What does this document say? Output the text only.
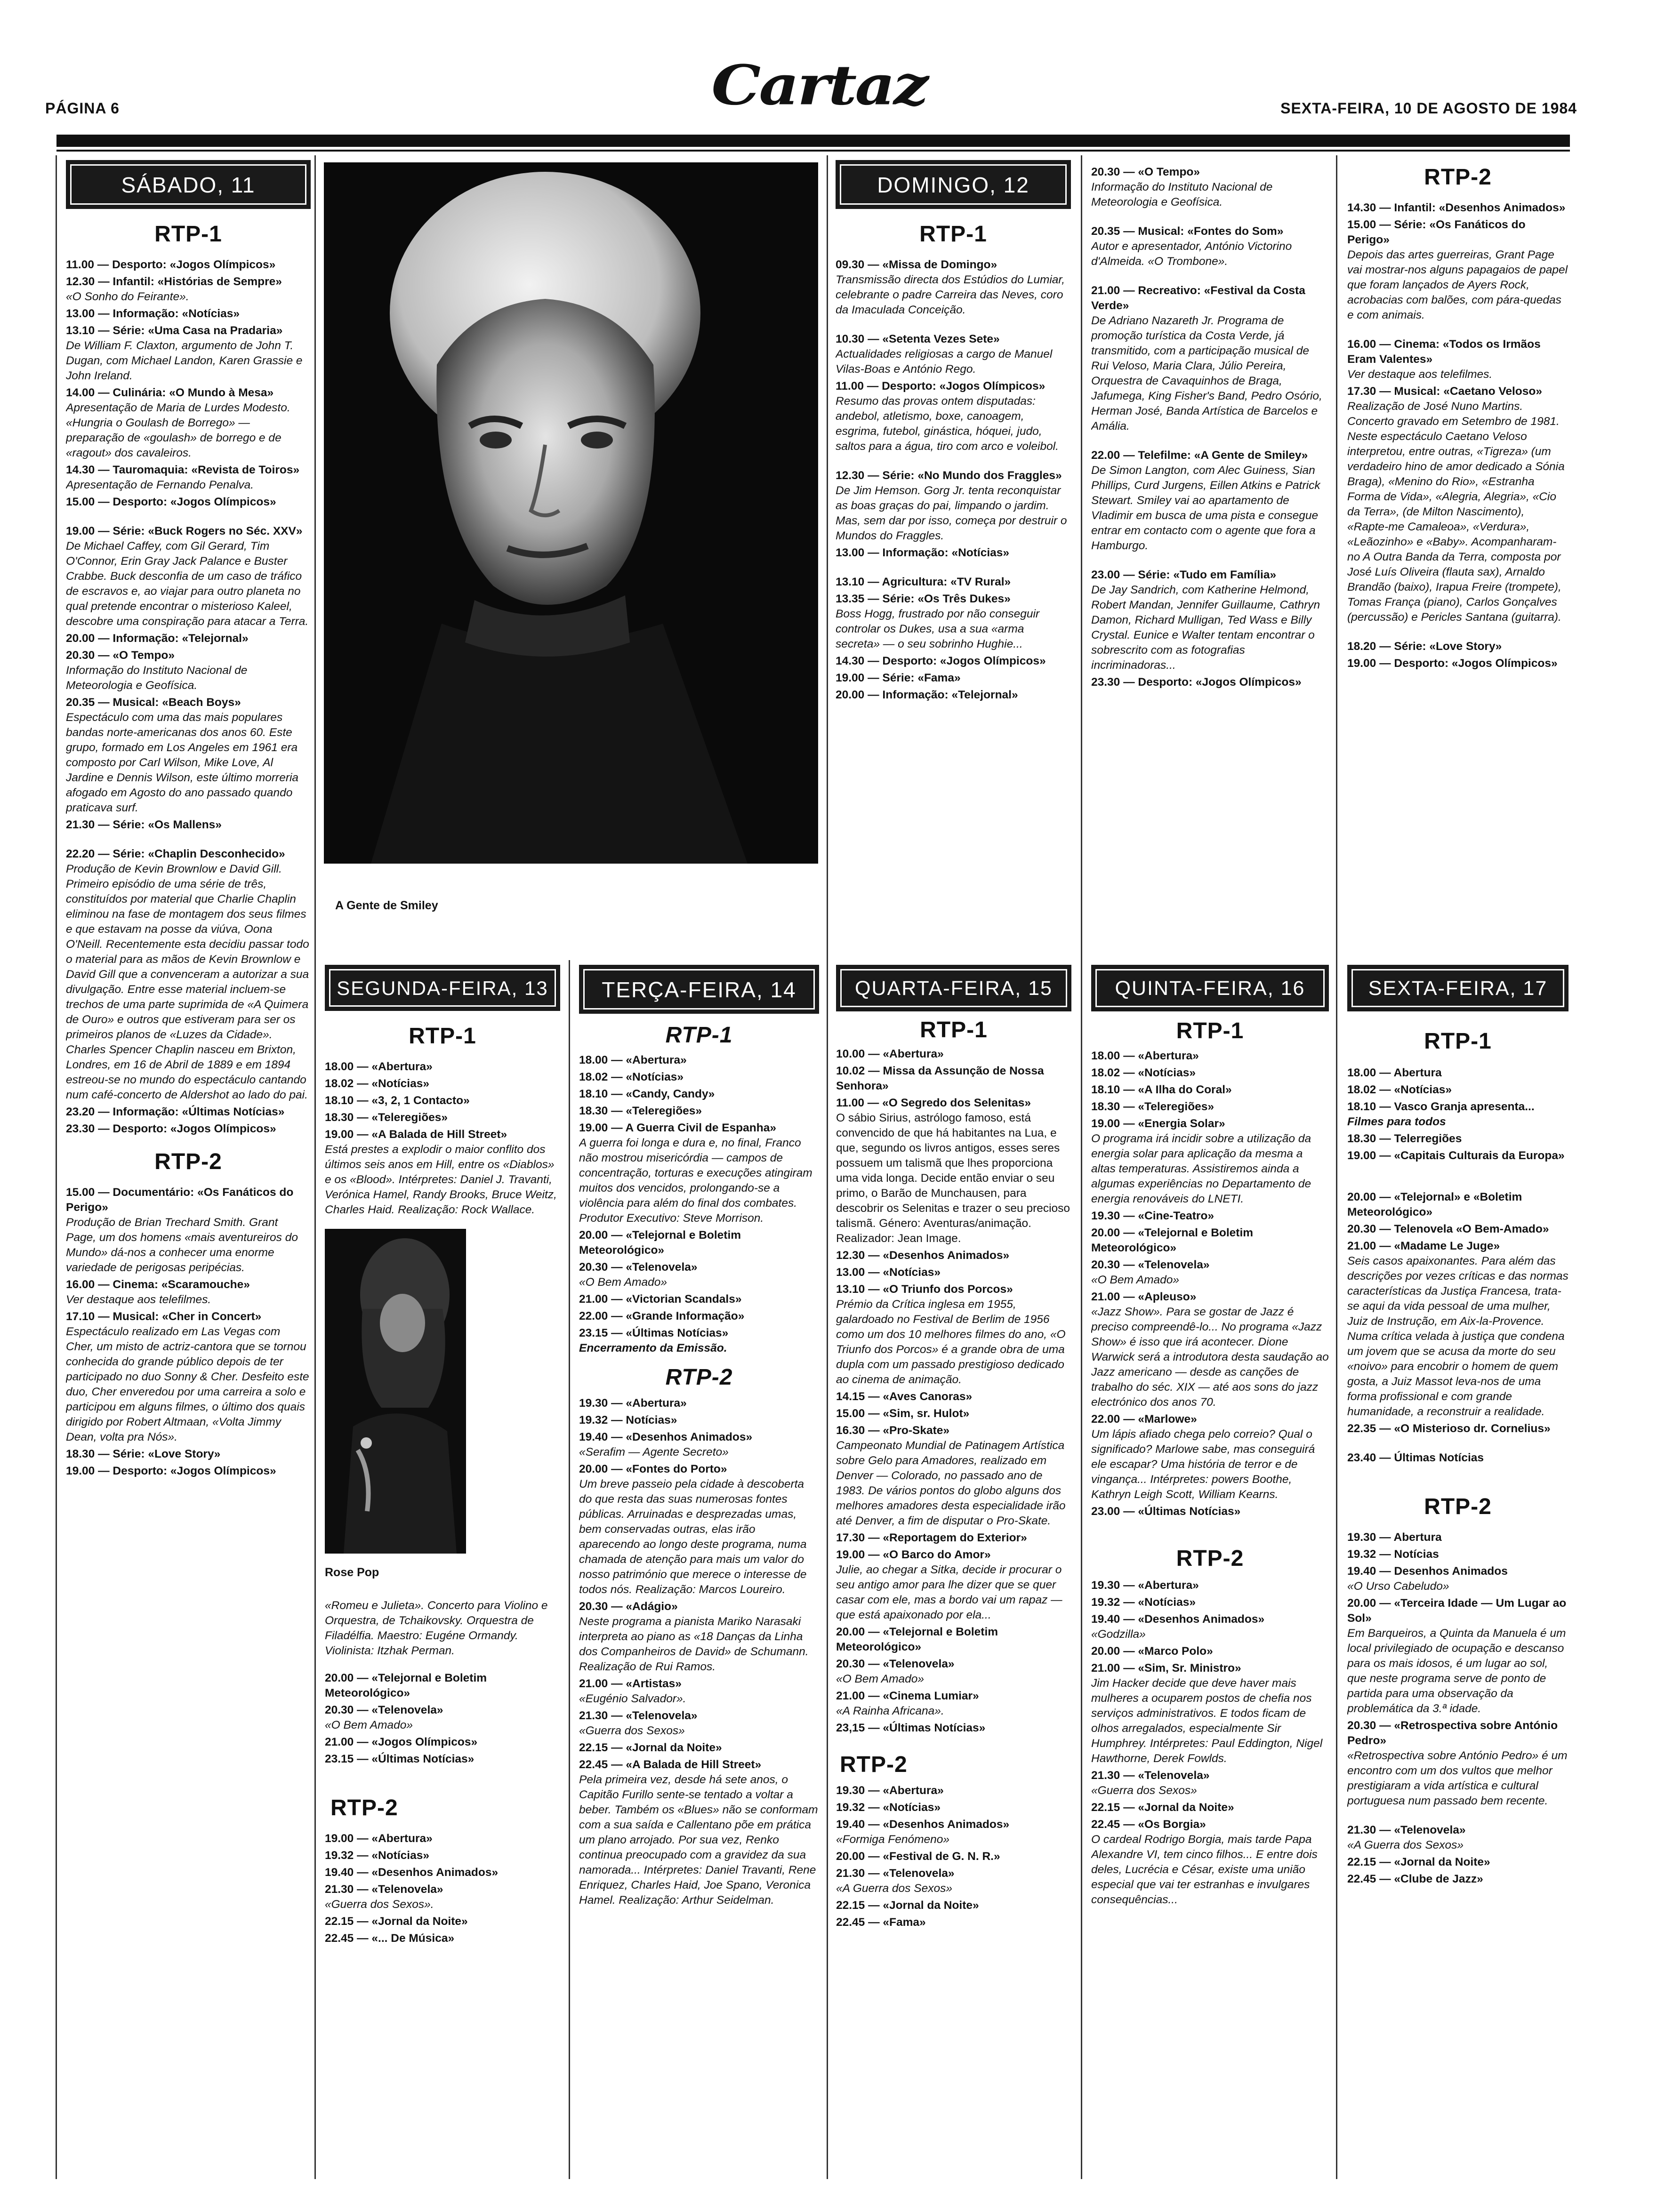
PÁGINA 6	Cartaz	SEXTA-FEIRA, 10 DE AGOSTO DE 1984
SÁBADO, 11
RTP-1
11.00 — Desporto: «Jogos Olímpicos»
12.30 — Infantil: «Histórias de Sempre»
«O Sonho do Feirante».
13.00 — Informação: «Notícias»
13.10 — Série: «Uma Casa na Pradaria»
De William F. Claxton, argumento de John T. Dugan, com Michael Landon, Karen Grassie e John Ireland.
14.00 — Culinária: «O Mundo à Mesa»
Apresentação de Maria de Lurdes Modesto. «Hungria o Goulash de Borrego» — preparação de «goulash» de borrego e de «ragout» dos cavaleiros.
14.30 — Tauromaquia: «Revista de Toiros»
Apresentação de Fernando Penalva.
15.00 — Desporto: «Jogos Olímpicos»
19.00 — Série: «Buck Rogers no Séc. XXV»
De Michael Caffey, com Gil Gerard, Tim O'Connor, Erin Gray Jack Palance e Buster Crabbe. Buck desconfia de um caso de tráfico de escravos e, ao viajar para outro planeta no qual pretende encontrar o misterioso Kaleel, descobre uma conspiração para atacar a Terra.
20.00 — Informação: «Telejornal»
20.30 — «O Tempo»
Informação do Instituto Nacional de Meteorologia e Geofísica.
20.35 — Musical: «Beach Boys»
Espectáculo com uma das mais populares bandas norte-americanas dos anos 60. Este grupo, formado em Los Angeles em 1961 era composto por Carl Wilson, Mike Love, Al Jardine e Dennis Wilson, este último morreria afogado em Agosto do ano passado quando praticava surf.
21.30 — Série: «Os Mallens»
22.20 — Série: «Chaplin Desconhecido»
Produção de Kevin Brownlow e David Gill. Primeiro episódio de uma série de três, constituídos por material que Charlie Chaplin eliminou na fase de montagem dos seus filmes e que estavam na posse da viúva, Oona O'Neill. Recentemente esta decidiu passar todo o material para as mãos de Kevin Brownlow e David Gill que a convenceram a autorizar a sua divulgação. Entre esse material incluem-se trechos de uma parte suprimida de «A Quimera de Ouro» e outros que estiveram para ser os primeiros planos de «Luzes da Cidade». Charles Spencer Chaplin nasceu em Brixton, Londres, em 16 de Abril de 1889 e em 1894 estreou-se no mundo do espectáculo cantando num café-concerto de Aldershot ao lado do pai.
23.20 — Informação: «Últimas Notícias»
23.30 — Desporto: «Jogos Olímpicos»
RTP-2
15.00 — Documentário: «Os Fanáticos do Perigo»
Produção de Brian Trechard Smith. Grant Page, um dos homens «mais aventureiros do Mundo» dá-nos a conhecer uma enorme variedade de perigosas peripécias.
16.00 — Cinema: «Scaramouche»
Ver destaque aos telefilmes.
17.10 — Musical: «Cher in Concert»
Espectáculo realizado em Las Vegas com Cher, um misto de actriz-cantora que se tornou conhecida do grande público depois de ter participado no duo Sonny & Cher. Desfeito este duo, Cher enveredou por uma carreira a solo e participou em alguns filmes, o último dos quais dirigido por Robert Altmaan, «Volta Jimmy Dean, volta pra Nós».
18.30 — Série: «Love Story»
19.00 — Desporto: «Jogos Olímpicos»
A Gente de Smiley
DOMINGO, 12
RTP-1
09.30 — «Missa de Domingo»
Transmissão directa dos Estúdios do Lumiar, celebrante o padre Carreira das Neves, coro da Imaculada Conceição.
10.30 — «Setenta Vezes Sete»
Actualidades religiosas a cargo de Manuel Vilas-Boas e António Rego.
11.00 — Desporto: «Jogos Olímpicos»
Resumo das provas ontem disputadas: andebol, atletismo, boxe, canoagem, esgrima, futebol, ginástica, hóquei, judo, saltos para a água, tiro com arco e voleibol.
12.30 — Série: «No Mundo dos Fraggles»
De Jim Hemson. Gorg Jr. tenta reconquistar as boas graças do pai, limpando o jardim. Mas, sem dar por isso, começa por destruir o Mundos do Fraggles.
13.00 — Informação: «Notícias»
13.10 — Agricultura: «TV Rural»
13.35 — Série: «Os Três Dukes»
Boss Hogg, frustrado por não conseguir controlar os Dukes, usa a sua «arma secreta» — o seu sobrinho Hughie...
14.30 — Desporto: «Jogos Olímpicos»
19.00 — Série: «Fama»
20.00 — Informação: «Telejornal»
20.30 — «O Tempo»
Informação do Instituto Nacional de Meteorologia e Geofísica.
20.35 — Musical: «Fontes do Som»
Autor e apresentador, António Victorino d'Almeida. «O Trombone».
21.00 — Recreativo: «Festival da Costa Verde»
De Adriano Nazareth Jr. Programa de promoção turística da Costa Verde, já transmitido, com a participação musical de Rui Veloso, Maria Clara, Júlio Pereira, Orquestra de Cavaquinhos de Braga, Jafumega, King Fisher's Band, Pedro Osório, Herman José, Banda Artística de Barcelos e Amália.
22.00 — Telefilme: «A Gente de Smiley»
De Simon Langton, com Alec Guiness, Sian Phillips, Curd Jurgens, Eillen Atkins e Patrick Stewart. Smiley vai ao apartamento de Vladimir em busca de uma pista e consegue entrar em contacto com o agente que fora a Hamburgo.
23.00 — Série: «Tudo em Família»
De Jay Sandrich, com Katherine Helmond, Robert Mandan, Jennifer Guillaume, Cathryn Damon, Richard Mulligan, Ted Wass e Billy Crystal. Eunice e Walter tentam encontrar o sobrescrito com as fotografias incriminadoras...
23.30 — Desporto: «Jogos Olímpicos»
RTP-2
14.30 — Infantil: «Desenhos Animados»
15.00 — Série: «Os Fanáticos do Perigo»
Depois das artes guerreiras, Grant Page vai mostrar-nos alguns papagaios de papel que foram lançados de Ayers Rock, acrobacias com balões, com pára-quedas e com animais.
16.00 — Cinema: «Todos os Irmãos Eram Valentes»
Ver destaque aos telefilmes.
17.30 — Musical: «Caetano Veloso»
Realização de José Nuno Martins. Concerto gravado em Setembro de 1981. Neste espectáculo Caetano Veloso interpretou, entre outras, «Tigreza» (um verdadeiro hino de amor dedicado a Sónia Braga), «Menino do Rio», «Estranha Forma de Vida», «Alegria, Alegria», «Cio da Terra», (de Milton Nascimento), «Rapte-me Camaleoa», «Verdura», «Leãozinho» e «Baby». Acompanharam-no A Outra Banda da Terra, composta por José Luís Oliveira (flauta sax), Arnaldo Brandão (baixo), Irapua Freire (trompete), Tomas França (piano), Carlos Gonçalves (percussão) e Pericles Santana (guitarra).
18.20 — Série: «Love Story»
19.00 — Desporto: «Jogos Olímpicos»
SEGUNDA-FEIRA, 13
RTP-1
18.00 — «Abertura»
18.02 — «Notícias»
18.10 — «3, 2, 1 Contacto»
18.30 — «Teleregiões»
19.00 — «A Balada de Hill Street»
Está prestes a explodir o maior conflito dos últimos seis anos em Hill, entre os «Diablos» e os «Blood». Intérpretes: Daniel J. Travanti, Verónica Hamel, Randy Brooks, Bruce Weitz, Charles Haid. Realização: Rock Wallace.
Rose Pop
«Romeu e Julieta». Concerto para Violino e Orquestra, de Tchaikovsky. Orquestra de Filadélfia. Maestro: Eugéne Ormandy. Violinista: Itzhak Perman.
20.00 — «Telejornal e Boletim Meteorológico»
20.30 — «Telenovela»
«O Bem Amado»
21.00 — «Jogos Olímpicos»
23.15 — «Últimas Notícias»
RTP-2
19.00 — «Abertura»
19.32 — «Notícias»
19.40 — «Desenhos Animados»
21.30 — «Telenovela»
«Guerra dos Sexos».
22.15 — «Jornal da Noite»
22.45 — «... De Música»
TERÇA-FEIRA, 14
RTP-1
18.00 — «Abertura»
18.02 — «Notícias»
18.10 — «Candy, Candy»
18.30 — «Teleregiões»
19.00 — A Guerra Civil de Espanha»
A guerra foi longa e dura e, no final, Franco não mostrou misericórdia — campos de concentração, torturas e execuções atingiram muitos dos vencidos, prolongando-se a violência para além do final dos combates. Produtor Executivo: Steve Morrison.
20.00 — «Telejornal e Boletim Meteorológico»
20.30 — «Telenovela»
«O Bem Amado»
21.00 — «Victorian Scandals»
22.00 — «Grande Informação»
23.15 — «Últimas Notícias»
Encerramento da Emissão.
RTP-2
19.30 — «Abertura»
19.32 — Notícias»
19.40 — «Desenhos Animados»
«Serafim — Agente Secreto»
20.00 — «Fontes do Porto»
Um breve passeio pela cidade à descoberta do que resta das suas numerosas fontes públicas. Arruinadas e desprezadas umas, bem conservadas outras, elas irão aparecendo ao longo deste programa, numa chamada de atenção para mais um valor do nosso património que merece o interesse de todos nós. Realização: Marcos Loureiro.
20.30 — «Adágio»
Neste programa a pianista Mariko Narasaki interpreta ao piano as «18 Danças da Linha dos Companheiros de David» de Schumann. Realização de Rui Ramos.
21.00 — «Artistas»
«Eugénio Salvador».
21.30 — «Telenovela»
«Guerra dos Sexos»
22.15 — «Jornal da Noite»
22.45 — «A Balada de Hill Street»
Pela primeira vez, desde há sete anos, o Capitão Furillo sente-se tentado a voltar a beber. Também os «Blues» não se conformam com a sua saída e Callentano põe em prática um plano arrojado. Por sua vez, Renko continua preocupado com a gravidez da sua namorada... Intérpretes: Daniel Travanti, Rene Enriquez, Charles Haid, Joe Spano, Veronica Hamel. Realização: Arthur Seidelman.
QUARTA-FEIRA, 15
RTP-1
10.00 — «Abertura»
10.02 — Missa da Assunção de Nossa Senhora»
11.00 — «O Segredo dos Selenitas»
O sábio Sirius, astrólogo famoso, está convencido de que há habitantes na Lua, e que, segundo os livros antigos, esses seres possuem um talismã que lhes proporciona uma vida longa. Decide então enviar o seu primo, o Barão de Munchausen, para descobrir os Selenitas e trazer o seu precioso talismã. Género: Aventuras/animação. Realizador: Jean Image.
12.30 — «Desenhos Animados»
13.00 — «Notícias»
13.10 — «O Triunfo dos Porcos»
Prémio da Crítica inglesa em 1955, galardoado no Festival de Berlim de 1956 como um dos 10 melhores filmes do ano, «O Triunfo dos Porcos» é a grande obra de uma dupla com um passado prestigioso dedicado ao cinema de animação.
14.15 — «Aves Canoras»
15.00 — «Sim, sr. Hulot»
16.30 — «Pro-Skate»
Campeonato Mundial de Patinagem Artística sobre Gelo para Amadores, realizado em Denver — Colorado, no passado ano de 1983. De vários pontos do globo alguns dos melhores amadores desta especialidade irão até Denver, a fim de disputar o Pro-Skate.
17.30 — «Reportagem do Exterior»
19.00 — «O Barco do Amor»
Julie, ao chegar a Sitka, decide ir procurar o seu antigo amor para lhe dizer que se quer casar com ele, mas a bordo vai um rapaz — que está apaixonado por ela...
20.00 — «Telejornal e Boletim Meteorológico»
20.30 — «Telenovela»
«O Bem Amado»
21.00 — «Cinema Lumiar»
«A Rainha Africana».
23,15 — «Últimas Notícias»
RTP-2
19.30 — «Abertura»
19.32 — «Notícias»
19.40 — «Desenhos Animados»
«Formiga Fenómeno»
20.00 — «Festival de G. N. R.»
21.30 — «Telenovela»
«A Guerra dos Sexos»
22.15 — «Jornal da Noite»
22.45 — «Fama»
QUINTA-FEIRA, 16
RTP-1
18.00 — «Abertura»
18.02 — «Notícias»
18.10 — «A Ilha do Coral»
18.30 — «Teleregiões»
19.00 — «Energia Solar»
O programa irá incidir sobre a utilização da energia solar para aplicação da mesma a altas temperaturas. Assistiremos ainda a algumas experiências no Departamento de energia renováveis do LNETI.
19.30 — «Cine-Teatro»
20.00 — «Telejornal e Boletim Meteorológico»
20.30 — «Telenovela»
«O Bem Amado»
21.00 — «Apleuso»
«Jazz Show». Para se gostar de Jazz é preciso compreendê-lo... No programa «Jazz Show» é isso que irá acontecer. Dione Warwick será a introdutora desta saudação ao Jazz americano — desde as canções de trabalho do séc. XIX — até aos sons do jazz electrónico dos anos 70.
22.00 — «Marlowe»
Um lápis afiado chega pelo correio? Qual o significado? Marlowe sabe, mas conseguirá ele escapar? Uma história de terror e de vingança... Intérpretes: powers Boothe, Kathryn Leigh Scott, William Kearns.
23.00 — «Últimas Notícias»
RTP-2
19.30 — «Abertura»
19.32 — «Notícias»
19.40 — «Desenhos Animados»
«Godzilla»
20.00 — «Marco Polo»
21.00 — «Sim, Sr. Ministro»
Jim Hacker decide que deve haver mais mulheres a ocuparem postos de chefia nos serviços administrativos. E todos ficam de olhos arregalados, especialmente Sir Humphrey. Intérpretes: Paul Eddington, Nigel Hawthorne, Derek Fowlds.
21.30 — «Telenovela»
«Guerra dos Sexos»
22.15 — «Jornal da Noite»
22.45 — «Os Borgia»
O cardeal Rodrigo Borgia, mais tarde Papa Alexandre VI, tem cinco filhos... E entre dois deles, Lucrécia e César, existe uma união especial que vai ter estranhas e invulgares consequências...
SEXTA-FEIRA, 17
RTP-1
18.00 — Abertura
18.02 — «Notícias»
18.10 — Vasco Granja apresenta...
Filmes para todos
18.30 — Telerregiões
19.00 — «Capitais Culturais da Europa»
20.00 — «Telejornal» e «Boletim Meteorológico»
20.30 — Telenovela «O Bem-Amado»
21.00 — «Madame Le Juge»
Seis casos apaixonantes. Para além das descrições por vezes críticas e das normas características da Justiça Francesa, trata-se aqui da vida pessoal de uma mulher, Juiz de Instrução, em Aix-la-Provence. Numa crítica velada à justiça que condena um jovem que se acusa da morte do seu «noivo» para encobrir o homem de quem gosta, a Juiz Massot leva-nos de uma forma profissional e com grande humanidade, a reconstruir a realidade.
22.35 — «O Misterioso dr. Cornelius»
23.40 — Últimas Notícias
RTP-2
19.30 — Abertura
19.32 — Notícias
19.40 — Desenhos Animados
«O Urso Cabeludo»
20.00 — «Terceira Idade — Um Lugar ao Sol»
Em Barqueiros, a Quinta da Manuela é um local privilegiado de ocupação e descanso para os mais idosos, é um lugar ao sol, que neste programa serve de ponto de partida para uma observação da problemática da 3.ª idade.
20.30 — «Retrospectiva sobre António Pedro»
«Retrospectiva sobre António Pedro» é um encontro com um dos vultos que melhor prestigiaram a vida artística e cultural portuguesa num passado bem recente.
21.30 — «Telenovela»
«A Guerra dos Sexos»
22.15 — «Jornal da Noite»
22.45 — «Clube de Jazz»
